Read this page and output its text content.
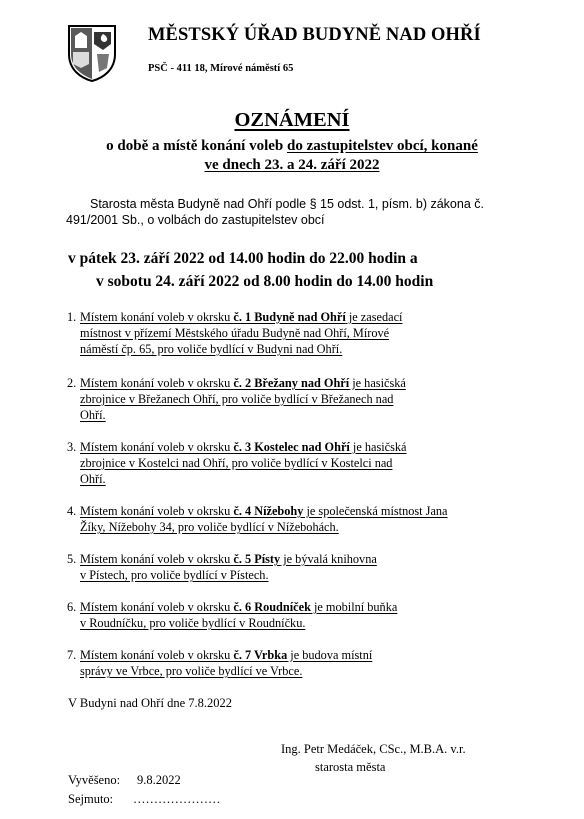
MĚSTSKÝ ÚŘAD BUDYNĚ NAD OHŘÍ
PSČ - 411 18, Mírové náměstí 65
OZNÁMENÍ
o době a místě konání voleb do zastupitelstev obcí, konané
ve dnech 23. a 24. září 2022
Starosta města Budyně nad Ohří podle § 15 odst. 1, písm. b) zákona č. 491/2001 Sb., o volbách do zastupitelstev obcí
v pátek 23. září 2022 od 14.00 hodin do 22.00 hodin a
v sobotu 24. září 2022 od 8.00 hodin do 14.00 hodin
1. Místem konání voleb v okrsku č. 1 Budyně nad Ohří je zasedací
místnost v přízemí Městského úřadu Budyně nad Ohří, Mírové
náměstí čp. 65, pro voliče bydlící v Budyni nad Ohří.
2. Místem konání voleb v okrsku č. 2 Břežany nad Ohří je hasičská
zbrojnice v Břežanech Ohří, pro voliče bydlící v Břežanech nad
Ohří.
3. Místem konání voleb v okrsku č. 3 Kostelec nad Ohří je hasičská
zbrojnice v Kostelci nad Ohří, pro voliče bydlící v Kostelci nad
Ohří.
4. Místem konání voleb v okrsku č. 4 Nížebohy je společenská místnost Jana
Žíky, Nížebohy 34, pro voliče bydlící v Nížebohách.
5. Místem konání voleb v okrsku č. 5 Písty je bývalá knihovna
v Pístech, pro voliče bydlící v Pístech.
6. Místem konání voleb v okrsku č. 6 Roudníček je mobilní buňka
v Roudníčku, pro voliče bydlící v Roudníčku.
7. Místem konání voleb v okrsku č. 7 Vrbka je budova místní
správy ve Vrbce, pro voliče bydlící ve Vrbce.
V Budyni nad Ohří dne 7.8.2022
Ing. Petr Medáček, CSc., M.B.A. v.r.
starosta města
Vyvěšeno: 9.8.2022
Sejmuto: …………………
